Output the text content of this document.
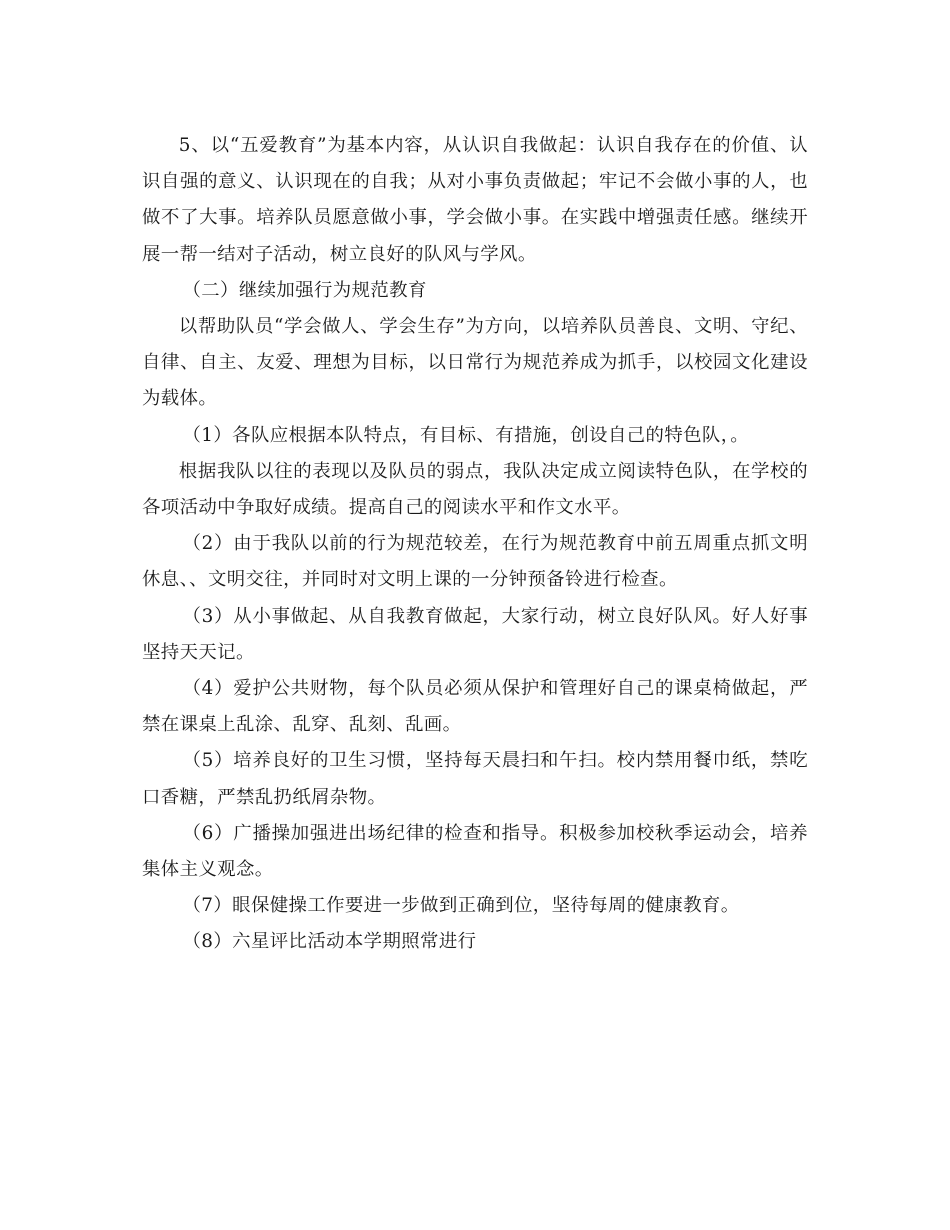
5、以“五爱教育”为基本内容，从认识自我做起：认识自我存在的价值、认识自强的意义、认识现在的自我；从对小事负责做起；牢记不会做小事的人，也做不了大事。培养队员愿意做小事，学会做小事。在实践中增强责任感。继续开展一帮一结对子活动，树立良好的队风与学风。

（二）继续加强行为规范教育

以帮助队员“学会做人、学会生存”为方向，以培养队员善良、文明、守纪、自律、自主、友爱、理想为目标，以日常行为规范养成为抓手，以校园文化建设为载体。

（1）各队应根据本队特点，有目标、有措施，创设自己的特色队，。

根据我队以往的表现以及队员的弱点，我队决定成立阅读特色队，在学校的各项活动中争取好成绩。提高自己的阅读水平和作文水平。

（2）由于我队以前的行为规范较差，在行为规范教育中前五周重点抓文明休息、、文明交往，并同时对文明上课的一分钟预备铃进行检查。

（3）从小事做起、从自我教育做起，大家行动，树立良好队风。好人好事坚持天天记。

（4）爱护公共财物，每个队员必须从保护和管理好自己的课桌椅做起，严禁在课桌上乱涂、乱穿、乱刻、乱画。

（5）培养良好的卫生习惯，坚持每天晨扫和午扫。校内禁用餐巾纸，禁吃口香糖，严禁乱扔纸屑杂物。

（6）广播操加强进出场纪律的检查和指导。积极参加校秋季运动会，培养集体主义观念。

（7）眼保健操工作要进一步做到正确到位，坚待每周的健康教育。

（8）六星评比活动本学期照常进行
